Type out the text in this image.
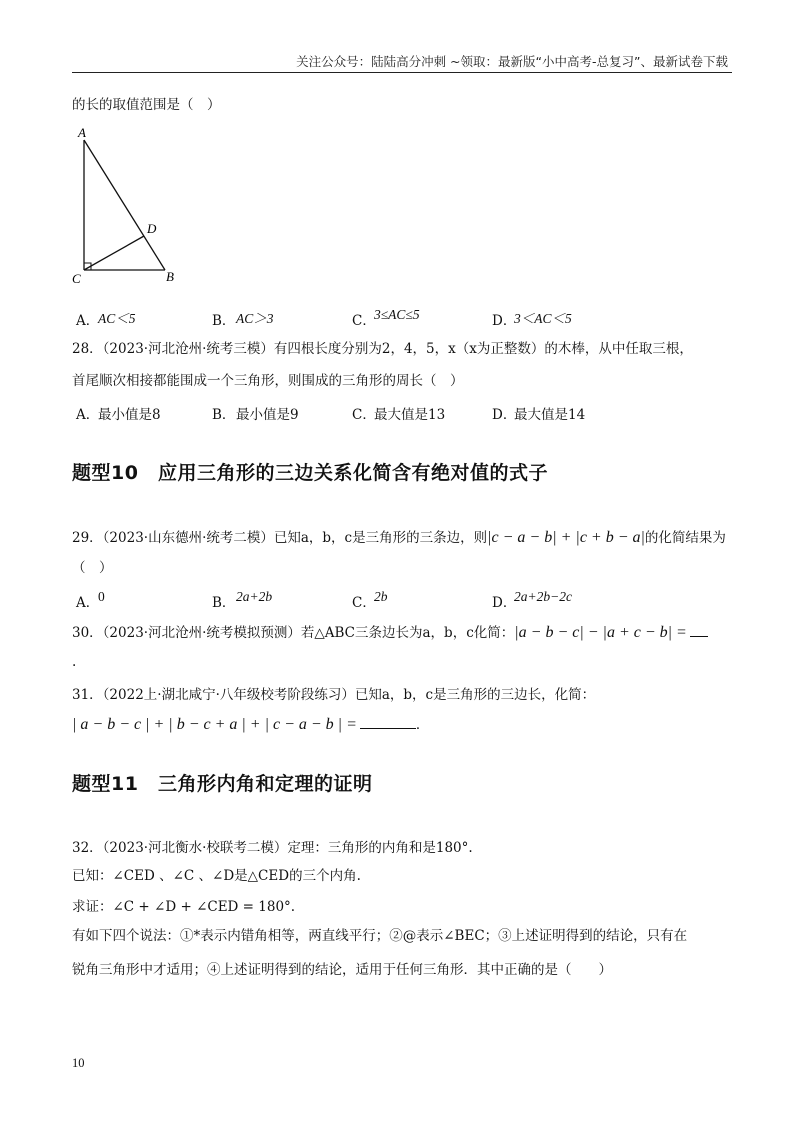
关注公众号：陆陆高分冲刺 ~领取：最新版“小中高考-总复习”、最新试卷下载
的长的取值范围是（　）
A
D
C	B
A．
AC＜5	B． AC＞3	C．
3≤AC≤5	D．
3＜AC＜5
28．（2023·河北沧州·统考三模）有四根长度分别为2，4，5，x（x为正整数）的木棒，从中任取三根，
首尾顺次相接都能围成一个三角形，则围成的三角形的周长（　）
A．
最小值是8	B． 最小值是9	C．
最大值是13	D．
最大值是14
题型10　应用三角形的三边关系化简含有绝对值的式子
29．（2023·山东德州·统考二模）已知a，b，c是三角形的三条边，则|c − a − b| + |c + b − a|的化简结果为
（　）
A．
0	B． 2a+2b	C．
2b	D．
2a+2b−2c
30．（2023·河北沧州·统考模拟预测）若△ABC三条边长为a，b，c化简：|a − b − c| − |a + c − b| =
.
31．（2022上·湖北咸宁·八年级校考阶段练习）已知a，b，c是三角形的三边长，化简：
| a − b − c | + | b − c + a | + | c − a − b | =	．
题型11　三角形内角和定理的证明
32．（2023·河北衡水·校联考二模）定理：三角形的内角和是180°.
已知：∠CED 、∠C 、∠D是△CED的三个内角.
求证：∠C + ∠D + ∠CED = 180°.
有如下四个说法：①*表示内错角相等，两直线平行；②@表示∠BEC；③上述证明得到的结论，只有在
锐角三角形中才适用；④上述证明得到的结论，适用于任何三角形．其中正确的是（　　）
10
